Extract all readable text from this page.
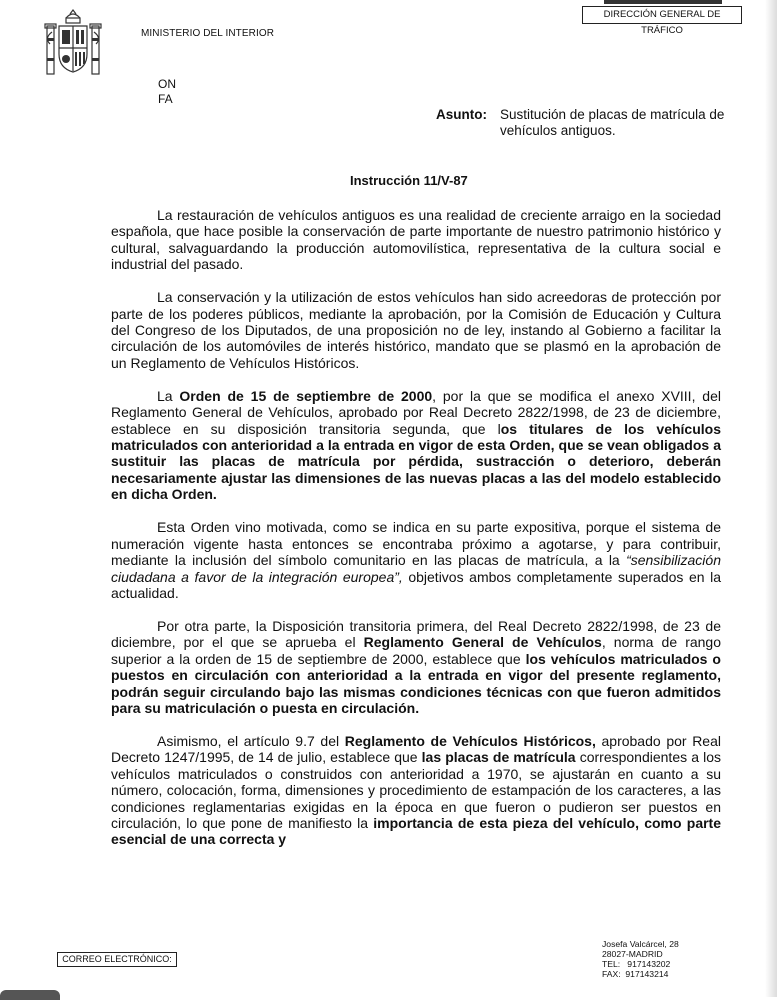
MINISTERIO DEL INTERIOR
DIRECCIÓN GENERAL DE TRÁFICO
ON
FA
Asunto: Sustitución de placas de matrícula de vehículos antiguos.
Instrucción 11/V-87

La restauración de vehículos antiguos es una realidad de creciente arraigo en la sociedad española, que hace posible la conservación de parte importante de nuestro patrimonio histórico y cultural, salvaguardando la producción automovilística, representativa de la cultura social e industrial del pasado.

La conservación y la utilización de estos vehículos han sido acreedoras de protección por parte de los poderes públicos, mediante la aprobación, por la Comisión de Educación y Cultura del Congreso de los Diputados, de una proposición no de ley, instando al Gobierno a facilitar la circulación de los automóviles de interés histórico, mandato que se plasmó en la aprobación de un Reglamento de Vehículos Históricos.

La Orden de 15 de septiembre de 2000, por la que se modifica el anexo XVIII, del Reglamento General de Vehículos, aprobado por Real Decreto 2822/1998, de 23 de diciembre, establece en su disposición transitoria segunda, que los titulares de los vehículos matriculados con anterioridad a la entrada en vigor de esta Orden, que se vean obligados a sustituir las placas de matrícula por pérdida, sustracción o deterioro, deberán necesariamente ajustar las dimensiones de las nuevas placas a las del modelo establecido en dicha Orden.

Esta Orden vino motivada, como se indica en su parte expositiva, porque el sistema de numeración vigente hasta entonces se encontraba próximo a agotarse, y para contribuir, mediante la inclusión del símbolo comunitario en las placas de matrícula, a la “sensibilización ciudadana a favor de la integración europea”, objetivos ambos completamente superados en la actualidad.

Por otra parte, la Disposición transitoria primera, del Real Decreto 2822/1998, de 23 de diciembre, por el que se aprueba el Reglamento General de Vehículos, norma de rango superior a la orden de 15 de septiembre de 2000, establece que los vehículos matriculados o puestos en circulación con anterioridad a la entrada en vigor del presente reglamento, podrán seguir circulando bajo las mismas condiciones técnicas con que fueron admitidos para su matriculación o puesta en circulación.

Asimismo, el artículo 9.7 del Reglamento de Vehículos Históricos, aprobado por Real Decreto 1247/1995, de 14 de julio, establece que las placas de matrícula correspondientes a los vehículos matriculados o construidos con anterioridad a 1970, se ajustarán en cuanto a su número, colocación, forma, dimensiones y procedimiento de estampación de los caracteres, a las condiciones reglamentarias exigidas en la época en que fueron o pudieron ser puestos en circulación, lo que pone de manifiesto la importancia de esta pieza del vehículo, como parte esencial de una correcta y

CORREO ELECTRÓNICO:
Josefa Valcárcel, 28
28027-MADRID
TEL:   917143202
FAX:  917143214
